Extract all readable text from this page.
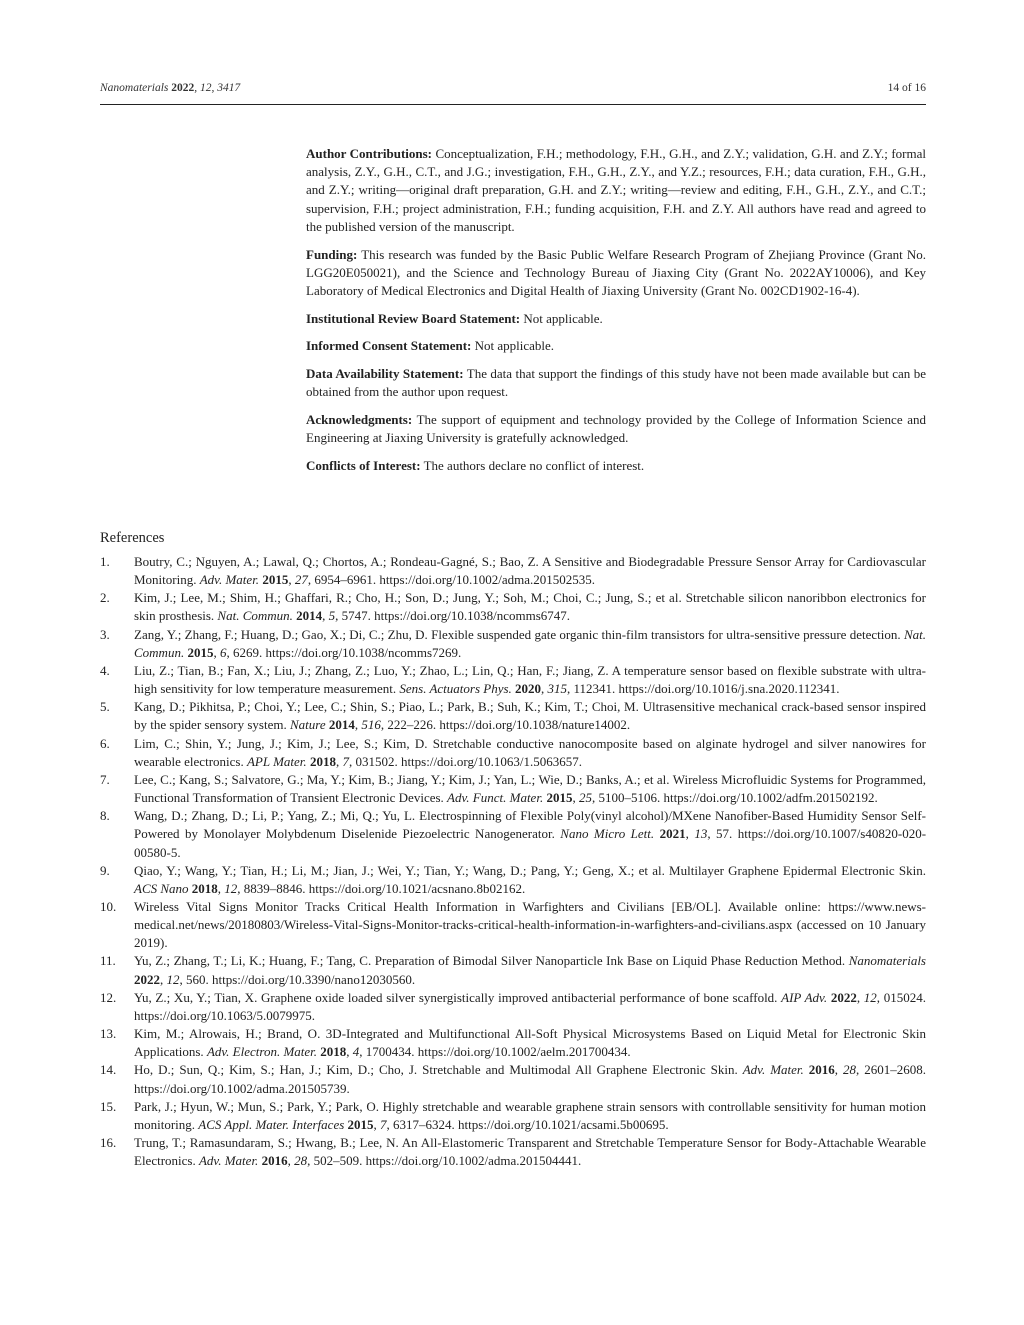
Nanomaterials 2022, 12, 3417	14 of 16

Author Contributions: Conceptualization, F.H.; methodology, F.H., G.H., and Z.Y.; validation, G.H. and Z.Y.; formal analysis, Z.Y., G.H., C.T., and J.G.; investigation, F.H., G.H., Z.Y., and Y.Z.; resources, F.H.; data curation, F.H., G.H., and Z.Y.; writing—original draft preparation, G.H. and Z.Y.; writing—review and editing, F.H., G.H., Z.Y., and C.T.; supervision, F.H.; project administration, F.H.; funding acquisition, F.H. and Z.Y. All authors have read and agreed to the published version of the manuscript.

Funding: This research was funded by the Basic Public Welfare Research Program of Zhejiang Province (Grant No. LGG20E050021), and the Science and Technology Bureau of Jiaxing City (Grant No. 2022AY10006), and Key Laboratory of Medical Electronics and Digital Health of Jiaxing University (Grant No. 002CD1902-16-4).

Institutional Review Board Statement: Not applicable.

Informed Consent Statement: Not applicable.

Data Availability Statement: The data that support the findings of this study have not been made available but can be obtained from the author upon request.

Acknowledgments: The support of equipment and technology provided by the College of Information Science and Engineering at Jiaxing University is gratefully acknowledged.

Conflicts of Interest: The authors declare no conflict of interest.

References
1. Boutry, C.; Nguyen, A.; Lawal, Q.; Chortos, A.; Rondeau-Gagné, S.; Bao, Z. A Sensitive and Biodegradable Pressure Sensor Array for Cardiovascular Monitoring. Adv. Mater. 2015, 27, 6954–6961. https://doi.org/10.1002/adma.201502535.
2. Kim, J.; Lee, M.; Shim, H.; Ghaffari, R.; Cho, H.; Son, D.; Jung, Y.; Soh, M.; Choi, C.; Jung, S.; et al. Stretchable silicon nanoribbon electronics for skin prosthesis. Nat. Commun. 2014, 5, 5747. https://doi.org/10.1038/ncomms6747.
3. Zang, Y.; Zhang, F.; Huang, D.; Gao, X.; Di, C.; Zhu, D. Flexible suspended gate organic thin-film transistors for ultra-sensitive pressure detection. Nat. Commun. 2015, 6, 6269. https://doi.org/10.1038/ncomms7269.
4. Liu, Z.; Tian, B.; Fan, X.; Liu, J.; Zhang, Z.; Luo, Y.; Zhao, L.; Lin, Q.; Han, F.; Jiang, Z. A temperature sensor based on flexible substrate with ultra-high sensitivity for low temperature measurement. Sens. Actuators Phys. 2020, 315, 112341. https://doi.org/10.1016/j.sna.2020.112341.
5. Kang, D.; Pikhitsa, P.; Choi, Y.; Lee, C.; Shin, S.; Piao, L.; Park, B.; Suh, K.; Kim, T.; Choi, M. Ultrasensitive mechanical crack-based sensor inspired by the spider sensory system. Nature 2014, 516, 222–226. https://doi.org/10.1038/nature14002.
6. Lim, C.; Shin, Y.; Jung, J.; Kim, J.; Lee, S.; Kim, D. Stretchable conductive nanocomposite based on alginate hydrogel and silver nanowires for wearable electronics. APL Mater. 2018, 7, 031502. https://doi.org/10.1063/1.5063657.
7. Lee, C.; Kang, S.; Salvatore, G.; Ma, Y.; Kim, B.; Jiang, Y.; Kim, J.; Yan, L.; Wie, D.; Banks, A.; et al. Wireless Microfluidic Systems for Programmed, Functional Transformation of Transient Electronic Devices. Adv. Funct. Mater. 2015, 25, 5100–5106. https://doi.org/10.1002/adfm.201502192.
8. Wang, D.; Zhang, D.; Li, P.; Yang, Z.; Mi, Q.; Yu, L. Electrospinning of Flexible Poly(vinyl alcohol)/MXene Nanofiber-Based Humidity Sensor Self-Powered by Monolayer Molybdenum Diselenide Piezoelectric Nanogenerator. Nano Micro Lett. 2021, 13, 57. https://doi.org/10.1007/s40820-020-00580-5.
9. Qiao, Y.; Wang, Y.; Tian, H.; Li, M.; Jian, J.; Wei, Y.; Tian, Y.; Wang, D.; Pang, Y.; Geng, X.; et al. Multilayer Graphene Epidermal Electronic Skin. ACS Nano 2018, 12, 8839–8846. https://doi.org/10.1021/acsnano.8b02162.
10. Wireless Vital Signs Monitor Tracks Critical Health Information in Warfighters and Civilians [EB/OL]. Available online: https://www.news-medical.net/news/20180803/Wireless-Vital-Signs-Monitor-tracks-critical-health-information-in-warfighters-and-civilians.aspx (accessed on 10 January 2019).
11. Yu, Z.; Zhang, T.; Li, K.; Huang, F.; Tang, C. Preparation of Bimodal Silver Nanoparticle Ink Base on Liquid Phase Reduction Method. Nanomaterials 2022, 12, 560. https://doi.org/10.3390/nano12030560.
12. Yu, Z.; Xu, Y.; Tian, X. Graphene oxide loaded silver synergistically improved antibacterial performance of bone scaffold. AIP Adv. 2022, 12, 015024. https://doi.org/10.1063/5.0079975.
13. Kim, M.; Alrowais, H.; Brand, O. 3D-Integrated and Multifunctional All-Soft Physical Microsystems Based on Liquid Metal for Electronic Skin Applications. Adv. Electron. Mater. 2018, 4, 1700434. https://doi.org/10.1002/aelm.201700434.
14. Ho, D.; Sun, Q.; Kim, S.; Han, J.; Kim, D.; Cho, J. Stretchable and Multimodal All Graphene Electronic Skin. Adv. Mater. 2016, 28, 2601–2608. https://doi.org/10.1002/adma.201505739.
15. Park, J.; Hyun, W.; Mun, S.; Park, Y.; Park, O. Highly stretchable and wearable graphene strain sensors with controllable sensitivity for human motion monitoring. ACS Appl. Mater. Interfaces 2015, 7, 6317–6324. https://doi.org/10.1021/acsami.5b00695.
16. Trung, T.; Ramasundaram, S.; Hwang, B.; Lee, N. An All-Elastomeric Transparent and Stretchable Temperature Sensor for Body-Attachable Wearable Electronics. Adv. Mater. 2016, 28, 502–509. https://doi.org/10.1002/adma.201504441.
